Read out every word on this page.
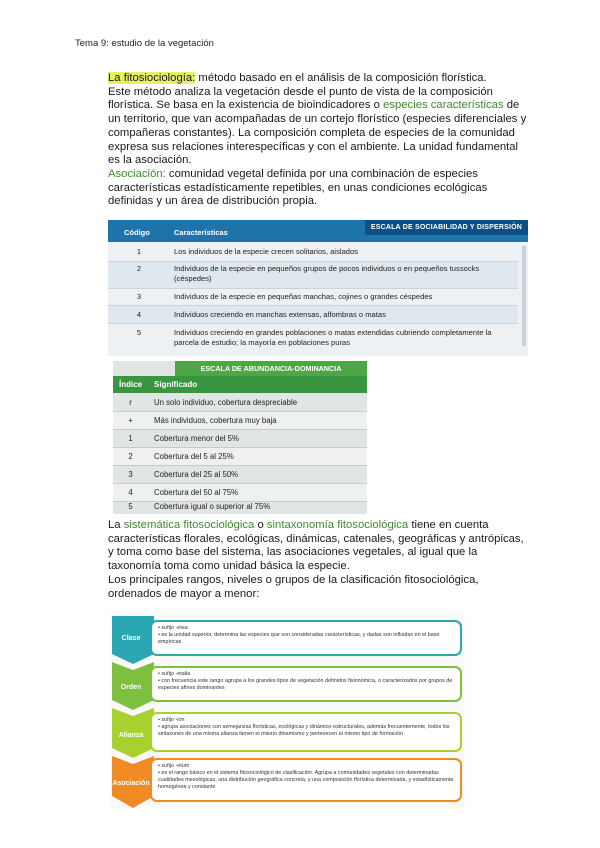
Tema 9: estudio de la vegetación

La fitosiociología: método basado en el análisis de la composición florística.

Este método analiza la vegetación desde el punto de vista de la composición florística. Se basa en la existencia de bioindicadores o especies características de un territorio, que van acompañadas de un cortejo florístico (especies diferenciales y compañeras constantes). La composición completa de especies de la comunidad expresa sus relaciones interespecíficas y con el ambiente. La unidad fundamental es la asociación.

Asociación: comunidad vegetal definida por una combinación de especies características estadísticamente repetibles, en unas condiciones ecológicas definidas y un área de distribución propia.

Código	Características
ESCALA DE SOCIABILIDAD Y DISPERSIÓN
1	Los individuos de la especie crecen solitarios, aislados
2	Individuos de la especie en pequeños grupos de pocos individuos o en pequeños tussocks (céspedes)
3	Individuos de la especie en pequeñas manchas, cojines o grandes céspedes
4	Individuos creciendo en manchas extensas, alfombras o matas
5	Individuos creciendo en grandes poblaciones o matas extendidas cubriendo completamente la parcela de estudio; la mayoría en poblaciones puras
ESCALA DE ABUNDANCIA-DOMINANCIA
Índice Significado
r	Un solo individuo, cobertura despreciable
+	Más individuos, cobertura muy baja
1	Cobertura menor del 5%
2	Cobertura del 5 al 25%
3	Cobertura del 25 al 50%
4	Cobertura del 50 al 75%
5	Cobertura igual o superior al 75%

La sistemática fitosociológica o sintaxonomía fitosociológica tiene en cuenta características florales, ecológicas, dinámicas, catenales, geográficas y antrópicas, y toma como base del sistema, las asociaciones vegetales, al igual que la taxonomía toma como unidad básica la especie.

Los principales rangos, niveles o grupos de la clasificación fitosociológica, ordenados de mayor a menor:

Clase
• sufijo -etea
• es la unidad superior, determina las especies que son consideradas características, y dadas son influidas en el base empíricas
Orden
• sufijo -etalia
• con frecuencia este rango agrupa a los grandes tipos de vegetación definidos fisionómica, o caracterizados por grupos de especies afines dominantes
Alianza
• sufijo -ion
• agrupa asociaciones con semejanzas florísticas, ecológicas y dinámico-estructurales, además frecuentemente, todos los sintaxones de una misma alianza tienen el mismo dinamismo y pertenecen al mismo tipo de formación
Asociación
• sufijo -etum
• es el rango básico en el sistema fitosociológico de clasificación. Agrupa a comunidades vegetales con determinadas cualidades mesológicas, una distribución geográfica concreta, y una composición florística determinada, y estadísticamente homogénea y constante
